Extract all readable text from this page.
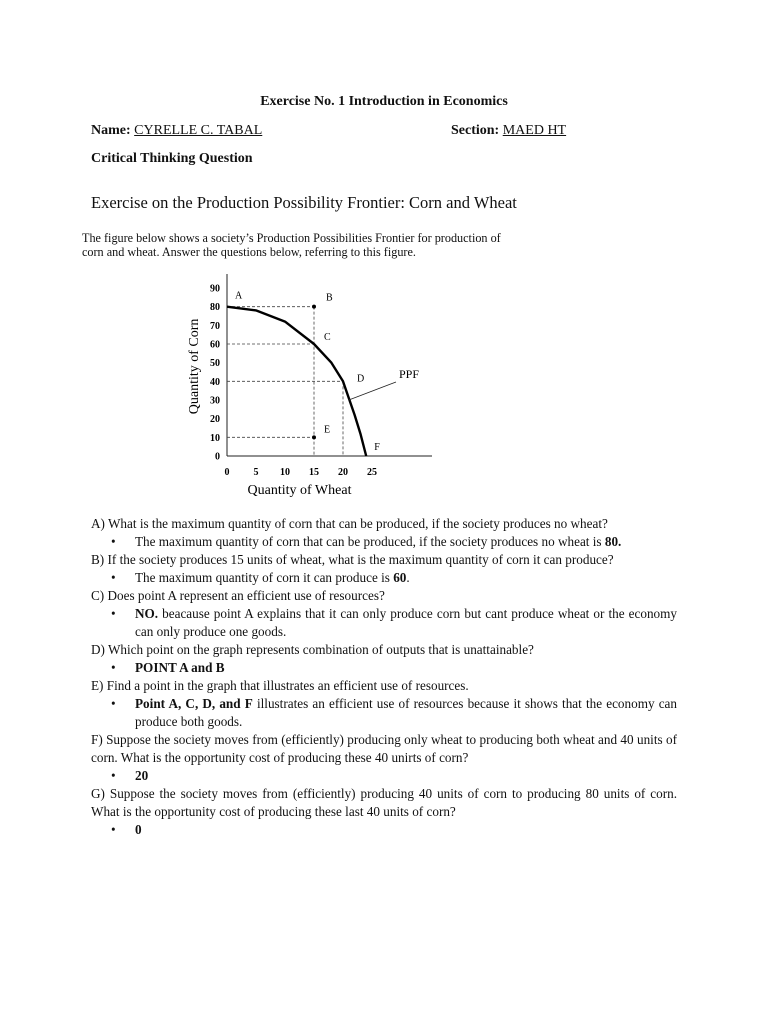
Exercise No. 1 Introduction in Economics
Name: CYRELLE C. TABAL	Section: MAED HT
Critical Thinking Question
Exercise on the Production Possibility Frontier: Corn and Wheat
The figure below shows a society’s Production Possibilities Frontier for production of corn and wheat. Answer the questions below, referring to this figure.
0
10
20
30
40
50
60
70
80
90
0 5 10 15 20 25
Quantity of Wheat
Quantity of Corn
A	B
C
D
E
F
PPF
A) What is the maximum quantity of corn that can be produced, if the society produces no wheat?
• The maximum quantity of corn that can be produced, if the society produces no wheat is 80.
B) If the society produces 15 units of wheat, what is the maximum quantity of corn it can produce?
• The maximum quantity of corn it can produce is 60.
C) Does point A represent an efficient use of resources?
• NO. beacause point A explains that it can only produce corn but cant produce wheat or the economy can only produce one goods.
D) Which point on the graph represents combination of outputs that is unattainable?
• POINT A and B
E) Find a point in the graph that illustrates an efficient use of resources.
• Point A, C, D, and F illustrates an efficient use of resources because it shows that the economy can produce both goods.
F) Suppose the society moves from (efficiently) producing only wheat to producing both wheat and 40 units of corn. What is the opportunity cost of producing these 40 unirts of corn?
• 20
G) Suppose the society moves from (efficiently) producing 40 units of corn to producing 80 units of corn. What is the opportunity cost of producing these last 40 units of corn?
• 0
